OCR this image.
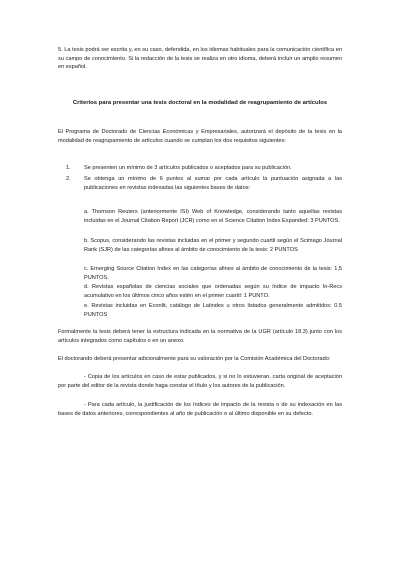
5. La tesis podrá ser escrita y, en su caso, defendida, en los idiomas habituales para la comunicación científica en su campo de conocimiento. Si la redacción de la tesis se realiza en otro idioma, deberá incluir un amplio resumen en español.

Criterios para presentar una tesis doctoral en la modalidad de reagrupamiento de artículos

El Programa de Doctorado de Ciencias Económicas y Empresariales, autorizará el depósito de la tesis en la modalidad de reagrupamiento de artículos cuando se cumplan los dos requisitos siguientes:

1. Se presenten un mínimo de 3 artículos publicados o aceptados para su publicación.

2. Se obtenga un mínimo de 6 puntos al sumar por cada artículo la puntuación asignada a las publicaciones en revistas indexadas las siguientes bases de datos:

a. Thomson Reuters (anteriormente ISI) Web of Knowledge, considerando tanto aquellas revistas incluidas en el Journal Citation Report (JCR) como en el Science Citation Index Expanded: 3 PUNTOS.

b. Scopus, considerando las revistas incluidas en el primer y segundo cuartil según el Scimago Journal Rank (SJR) de las categorías afines al ámbito de conocimiento de la tesis: 2 PUNTOS

c. Emerging Source Citation Index en las categorías afines al ámbito de conocimiento de la tesis: 1,5 PUNTOS.

d. Revistas españolas de ciencias sociales que ordenadas según su índice de impacto In-Recs acumulativo en los últimos cinco años estén en el primer cuartil: 1 PUNTO.

e. Revistas incluidas en Econlit, catálogo de Latindex u otros listados generalmente admitidos: 0.5 PUNTOS

Formalmente la tesis deberá tener la estructura indicada en la normativa de la UGR (artículo 18.3) junto con los artículos integrados como capítulos o en un anexo.

El doctorando deberá presentar adicionalmente para su valoración por la Comisión Académica del Doctorado:

- Copia de los artículos en caso de estar publicados, y si no lo estuvieran, carta original de aceptación por parte del editor de la revista donde haga constar el título y los autores de la publicación.

- Para cada artículo, la justificación de los índices de impacto de la revista o de su indexación en las bases de datos anteriores, correspondientes al año de publicación o al último disponible en su defecto.
